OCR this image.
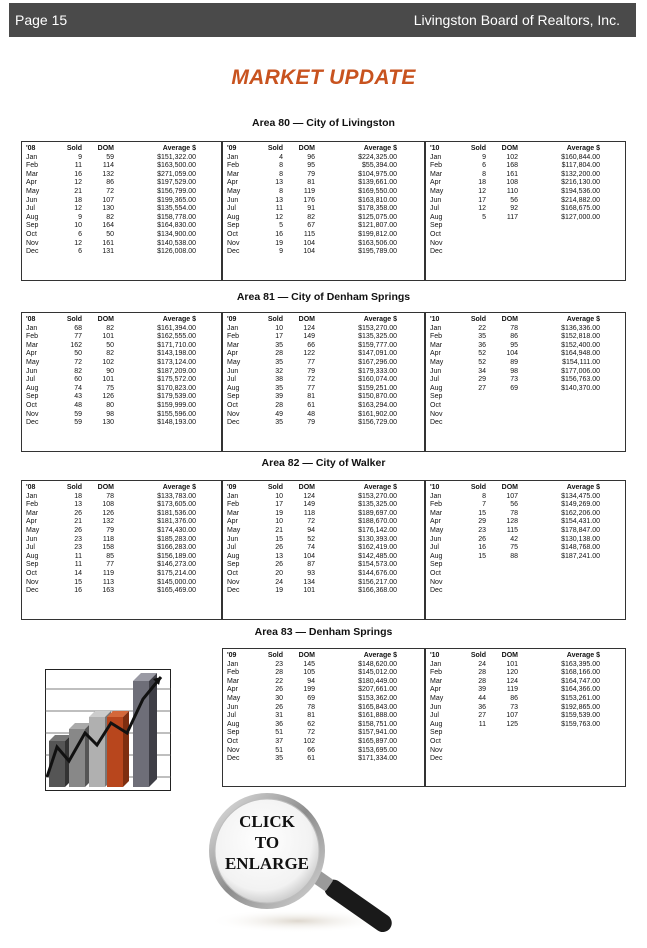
Page 15	Livingston Board of Realtors, Inc.
MARKET UPDATE
Area 80 — City of Livingston
Area 81 — City of Denham Springs
Area 82 — City of Walker
Area 83 — Denham Springs
'08	Sold	DOM	Average $
Jan	9	59	$151,322.00
Feb	11	114	$163,500.00
Mar	16	132	$271,059.00
Apr	12	86	$197,529.00
May	21	72	$156,799.00
Jun	18	107	$199,365.00
Jul	12	130	$135,554.00
Aug	9	82	$158,778.00
Sep	10	164	$164,830.00
Oct	6	50	$134,900.00
Nov	12	161	$140,538.00
Dec	6	131	$126,008.00
'09	Sold	DOM	Average $
Jan	4	96	$224,325.00
Feb	8	95	$55,394.00
Mar	8	79	$104,975.00
Apr	13	81	$139,661.00
May	8	119	$169,550.00
Jun	13	176	$163,810.00
Jul	11	91	$178,358.00
Aug	12	82	$125,075.00
Sep	5	67	$121,807.00
Oct	16	115	$199,812.00
Nov	19	104	$163,506.00
Dec	9	104	$195,789.00
'10	Sold	DOM	Average $
Jan	9	102	$160,844.00
Feb	6	168	$117,804.00
Mar	8	161	$132,200.00
Apr	18	108	$216,130.00
May	12	110	$194,536.00
Jun	17	56	$214,882.00
Jul	12	92	$168,675.00
Aug	5	117	$127,000.00
Sep
Oct
Nov
Dec
'08	Sold	DOM	Average $
Jan	68	82	$161,394.00
Feb	77	101	$162,555.00
Mar	162	50	$171,710.00
Apr	50	82	$143,198.00
May	72	102	$173,124.00
Jun	82	90	$187,209.00
Jul	60	101	$175,572.00
Aug	74	75	$170,823.00
Sep	43	126	$179,539.00
Oct	48	80	$159,999.00
Nov	59	98	$155,596.00
Dec	59	130	$148,193.00
'09	Sold	DOM	Average $
Jan	10	124	$153,270.00
Feb	17	149	$135,325.00
Mar	35	66	$159,777.00
Apr	28	122	$147,091.00
May	35	77	$167,296.00
Jun	32	79	$179,333.00
Jul	38	72	$160,074.00
Aug	35	77	$159,251.00
Sep	39	81	$150,870.00
Oct	28	61	$163,294.00
Nov	49	48	$161,902.00
Dec	35	79	$156,729.00
'10	Sold	DOM	Average $
Jan	22	78	$136,336.00
Feb	35	86	$152,818.00
Mar	36	95	$152,400.00
Apr	52	104	$164,948.00
May	52	89	$154,111.00
Jun	34	98	$177,006.00
Jul	29	73	$156,763.00
Aug	27	69	$140,370.00
Sep
Oct
Nov
Dec
'08	Sold	DOM	Average $
Jan	18	78	$133,783.00
Feb	13	108	$173,605.00
Mar	26	126	$181,536.00
Apr	21	132	$181,376.00
May	26	79	$174,430.00
Jun	23	118	$185,283.00
Jul	23	158	$166,283.00
Aug	11	85	$156,189.00
Sep	11	77	$146,273.00
Oct	14	119	$175,214.00
Nov	15	113	$145,000.00
Dec	16	163	$165,469.00
'09	Sold	DOM	Average $
Jan	10	124	$153,270.00
Feb	17	149	$135,325.00
Mar	19	118	$189,697.00
Apr	10	72	$188,670.00
May	21	94	$176,142.00
Jun	15	52	$130,393.00
Jul	26	74	$162,419.00
Aug	13	104	$142,485.00
Sep	26	87	$154,573.00
Oct	20	93	$144,676.00
Nov	24	134	$156,217.00
Dec	19	101	$166,368.00
'10	Sold	DOM	Average $
Jan	8	107	$134,475.00
Feb	7	56	$149,269.00
Mar	15	78	$162,206.00
Apr	29	128	$154,431.00
May	23	115	$178,847.00
Jun	26	42	$130,138.00
Jul	16	75	$148,768.00
Aug	15	88	$187,241.00
Sep
Oct
Nov
Dec
'09	Sold	DOM	Average $
Jan	23	145	$148,620.00
Feb	28	105	$145,012.00
Mar	22	94	$180,449.00
Apr	26	199	$207,661.00
May	30	69	$153,362.00
Jun	26	78	$165,843.00
Jul	31	81	$161,888.00
Aug	36	62	$158,751.00
Sep	51	72	$157,941.00
Oct	37	102	$165,897.00
Nov	51	66	$153,695.00
Dec	35	61	$171,334.00
'10	Sold	DOM	Average $
Jan	24	101	$163,395.00
Feb	28	120	$168,166.00
Mar	28	124	$164,747.00
Apr	39	119	$164,366.00
May	44	86	$153,261.00
Jun	36	73	$192,865.00
Jul	27	107	$159,539.00
Aug	11	125	$159,763.00
Sep
Oct
Nov
Dec
CLICK
TO
ENLARGE
